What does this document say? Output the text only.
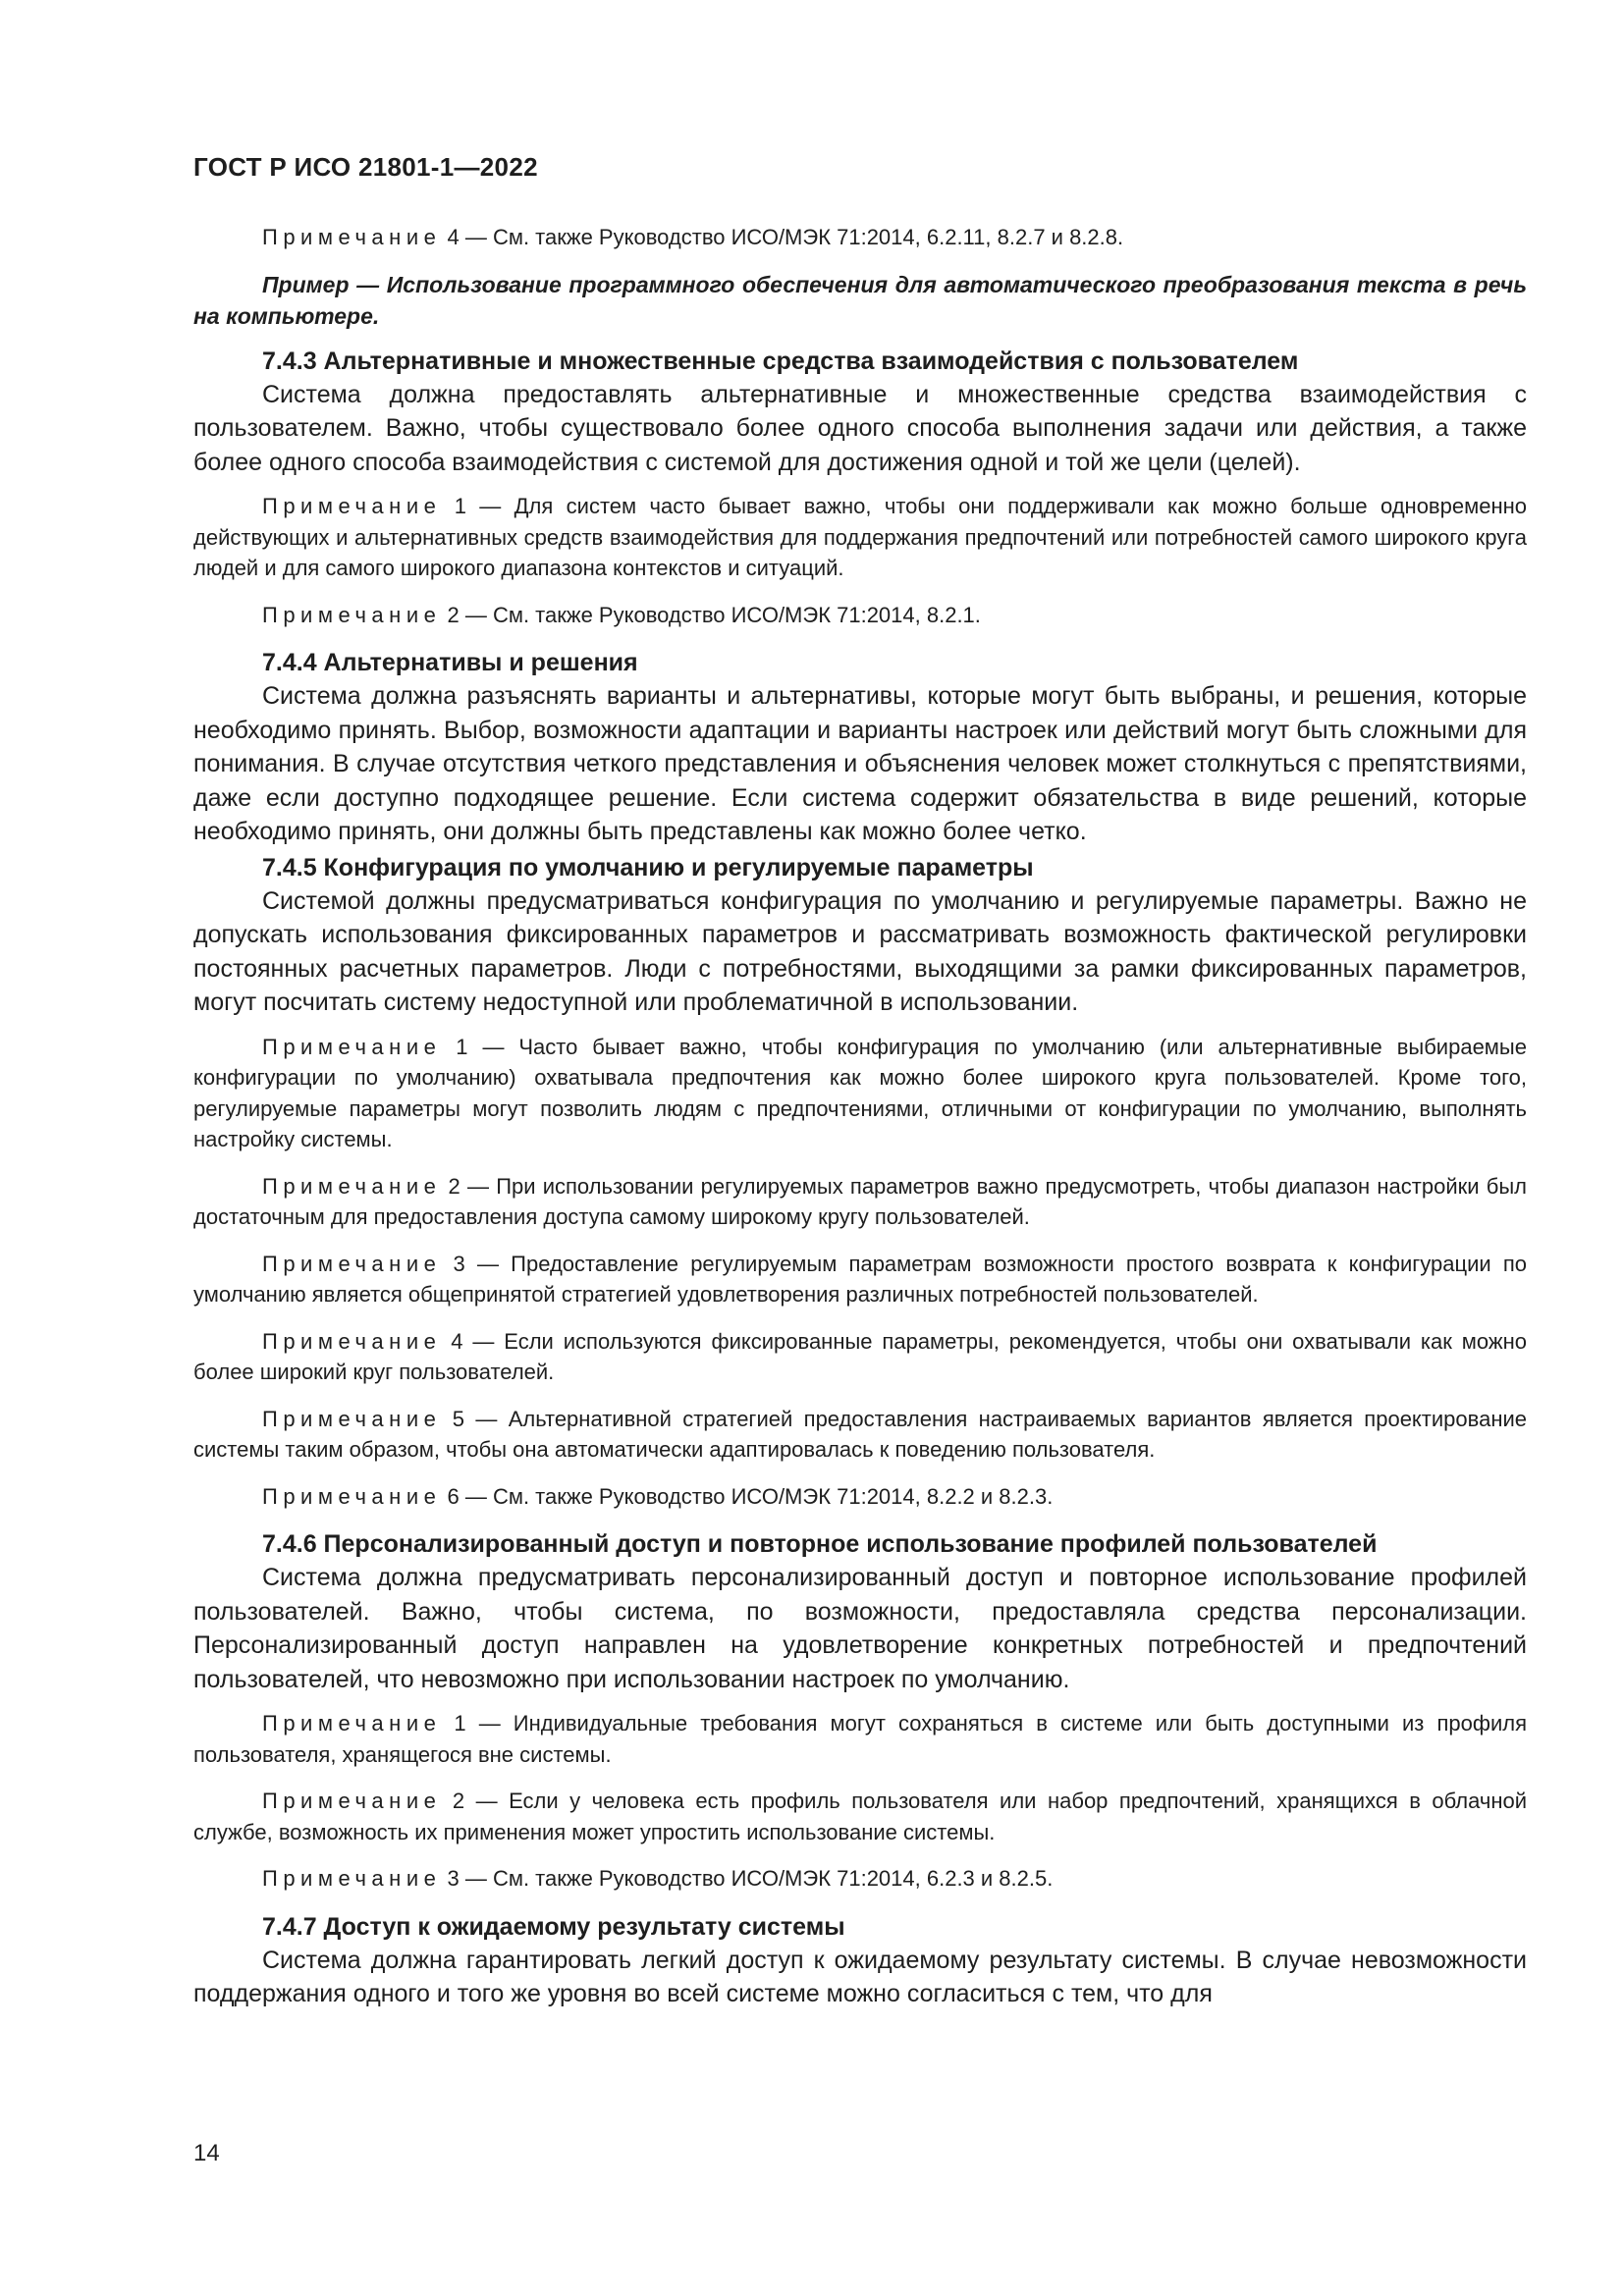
ГОСТ Р ИСО 21801-1—2022

Примечание 4 — См. также Руководство ИСО/МЭК 71:2014, 6.2.11, 8.2.7 и 8.2.8.

Пример — Использование программного обеспечения для автоматического преобразования текста в речь на компьютере.

7.4.3 Альтернативные и множественные средства взаимодействия с пользователем

Система должна предоставлять альтернативные и множественные средства взаимодействия с пользователем. Важно, чтобы существовало более одного способа выполнения задачи или действия, а также более одного способа взаимодействия с системой для достижения одной и той же цели (целей).

Примечание 1 — Для систем часто бывает важно, чтобы они поддерживали как можно больше одновременно действующих и альтернативных средств взаимодействия для поддержания предпочтений или потребностей самого широкого круга людей и для самого широкого диапазона контекстов и ситуаций.

Примечание 2 — См. также Руководство ИСО/МЭК 71:2014, 8.2.1.

7.4.4 Альтернативы и решения

Система должна разъяснять варианты и альтернативы, которые могут быть выбраны, и решения, которые необходимо принять. Выбор, возможности адаптации и варианты настроек или действий могут быть сложными для понимания. В случае отсутствия четкого представления и объяснения человек может столкнуться с препятствиями, даже если доступно подходящее решение. Если система содержит обязательства в виде решений, которые необходимо принять, они должны быть представлены как можно более четко.

7.4.5 Конфигурация по умолчанию и регулируемые параметры

Системой должны предусматриваться конфигурация по умолчанию и регулируемые параметры. Важно не допускать использования фиксированных параметров и рассматривать возможность фактической регулировки постоянных расчетных параметров. Люди с потребностями, выходящими за рамки фиксированных параметров, могут посчитать систему недоступной или проблематичной в использовании.

Примечание 1 — Часто бывает важно, чтобы конфигурация по умолчанию (или альтернативные выбираемые конфигурации по умолчанию) охватывала предпочтения как можно более широкого круга пользователей. Кроме того, регулируемые параметры могут позволить людям с предпочтениями, отличными от конфигурации по умолчанию, выполнять настройку системы.

Примечание 2 — При использовании регулируемых параметров важно предусмотреть, чтобы диапазон настройки был достаточным для предоставления доступа самому широкому кругу пользователей.

Примечание 3 — Предоставление регулируемым параметрам возможности простого возврата к конфигурации по умолчанию является общепринятой стратегией удовлетворения различных потребностей пользователей.

Примечание 4 — Если используются фиксированные параметры, рекомендуется, чтобы они охватывали как можно более широкий круг пользователей.

Примечание 5 — Альтернативной стратегией предоставления настраиваемых вариантов является проектирование системы таким образом, чтобы она автоматически адаптировалась к поведению пользователя.

Примечание 6 — См. также Руководство ИСО/МЭК 71:2014, 8.2.2 и 8.2.3.

7.4.6 Персонализированный доступ и повторное использование профилей пользователей

Система должна предусматривать персонализированный доступ и повторное использование профилей пользователей. Важно, чтобы система, по возможности, предоставляла средства персонализации. Персонализированный доступ направлен на удовлетворение конкретных потребностей и предпочтений пользователей, что невозможно при использовании настроек по умолчанию.

Примечание 1 — Индивидуальные требования могут сохраняться в системе или быть доступными из профиля пользователя, хранящегося вне системы.

Примечание 2 — Если у человека есть профиль пользователя или набор предпочтений, хранящихся в облачной службе, возможность их применения может упростить использование системы.

Примечание 3 — См. также Руководство ИСО/МЭК 71:2014, 6.2.3 и 8.2.5.

7.4.7 Доступ к ожидаемому результату системы

Система должна гарантировать легкий доступ к ожидаемому результату системы. В случае невозможности поддержания одного и того же уровня во всей системе можно согласиться с тем, что для

14
